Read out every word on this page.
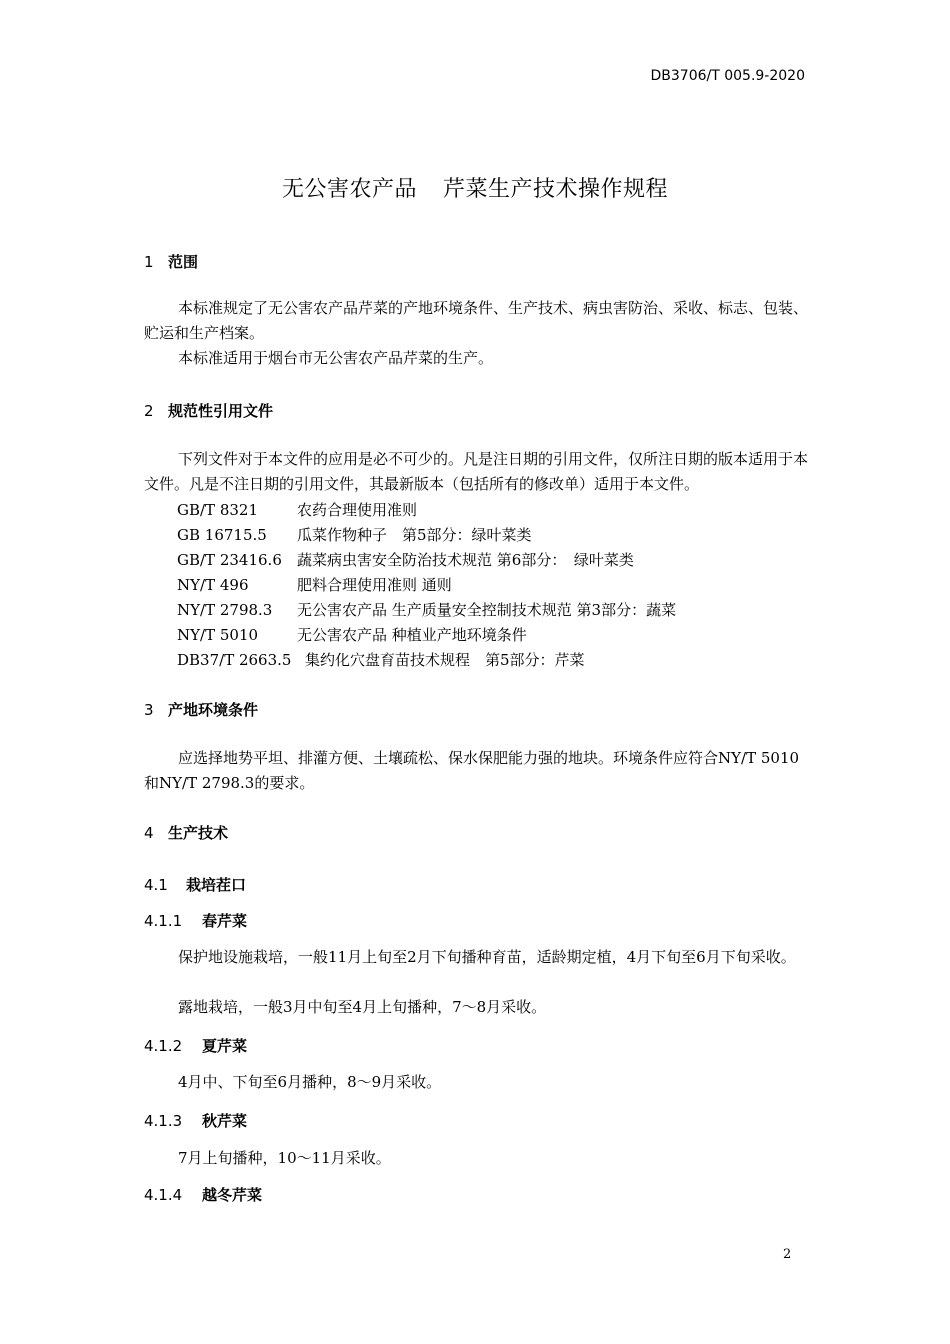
DB3706/T 005.9-2020
无公害农产品 芹菜生产技术操作规程
1 范围
本标准规定了无公害农产品芹菜的产地环境条件、生产技术、病虫害防治、采收、标志、包装、贮运和生产档案。
本标准适用于烟台市无公害农产品芹菜的生产。
2 规范性引用文件
下列文件对于本文件的应用是必不可少的。凡是注日期的引用文件，仅所注日期的版本适用于本文件。凡是不注日期的引用文件，其最新版本（包括所有的修改单）适用于本文件。
GB/T 8321	农药合理使用准则
GB 16715.5 瓜菜作物种子　第5部分：绿叶菜类
GB/T 23416.6 蔬菜病虫害安全防治技术规范 第6部分：　绿叶菜类
NY/T 496	肥料合理使用准则 通则
NY/T 2798.3 无公害农产品 生产质量安全控制技术规范 第3部分：蔬菜
NY/T 5010	无公害农产品 种植业产地环境条件
DB37/T 2663.5 集约化穴盘育苗技术规程　第5部分：芹菜
3 产地环境条件
应选择地势平坦、排灌方便、土壤疏松、保水保肥能力强的地块。环境条件应符合NY/T 5010和NY/T 2798.3的要求。
4 生产技术
4.1 栽培茬口
4.1.1 春芹菜
保护地设施栽培，一般11月上旬至2月下旬播种育苗，适龄期定植，4月下旬至6月下旬采收。
露地栽培，一般3月中旬至4月上旬播种，7～8月采收。
4.1.2 夏芹菜
4月中、下旬至6月播种，8～9月采收。
4.1.3 秋芹菜
7月上旬播种，10～11月采收。
4.1.4 越冬芹菜
2
